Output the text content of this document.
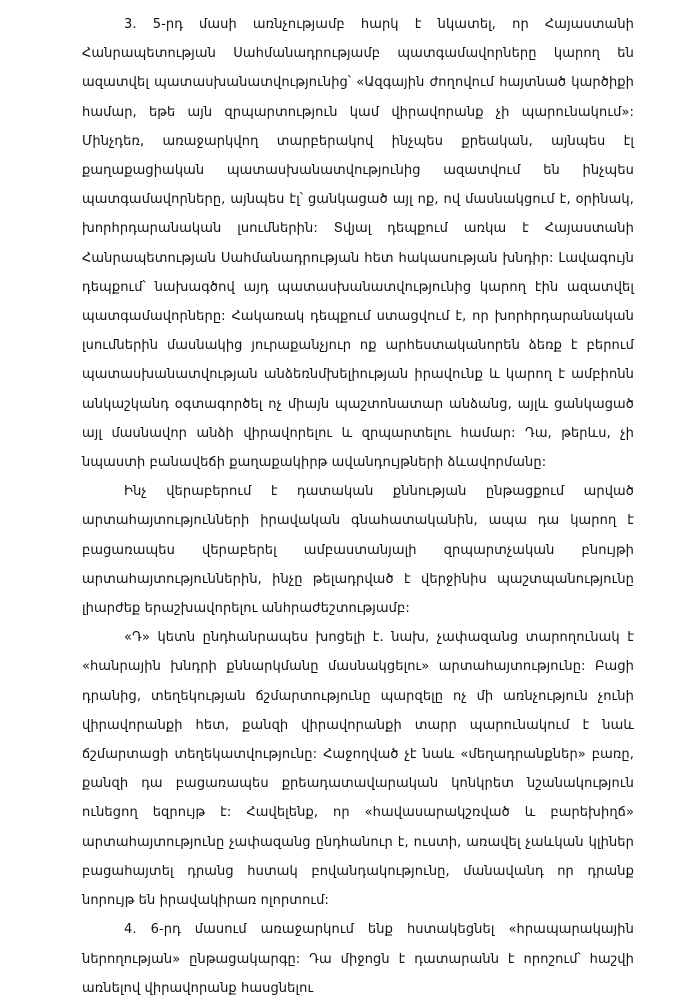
3. 5-րդ մասի առնչությամբ հարկ է նկատել, որ Հայաստանի Հանրապետության Սահմանադրությամբ պատգամավորները կարող են ազատվել պատասխանատվությունից՝ «Ազգային ժողովում հայտնած կարծիքի համար, եթե այն զրպարտություն կամ վիրավորանք չի պարունակում»: Մինչդեռ, առաջարկվող տարբերակով ինչպես քրեական, այնպես էլ քաղաքացիական պատասխանատվությունից ազատվում են ինչպես պատգամավորները, այնպես էլ՝ ցանկացած այլ ոք, ով մասնակցում է, օրինակ, խորհրդարանական լսումներին: Տվյալ դեպքում առկա է Հայաստանի Հանրապետության Սահմանադրության հետ հակասության խնդիր: Լավագույն դեպքում՝ նախագծով այդ պատասխանատվությունից կարող էին ազատվել պատգամավորները: Հակառակ դեպքում ստացվում է, որ խորհրդարանական լսումներին մասնակից յուրաքանչյուր ոք արհեստականորեն ձեռք է բերում պատասխանատվության անձեռնմխելիության իրավունք և կարող է ամբիոնն անկաշկանդ օգտագործել ոչ միայն պաշտոնատար անձանց, այլև ցանկացած այլ մասնավոր անձի վիրավորելու և զրպարտելու համար: Դա, թերևս, չի նպաստի բանավեճի քաղաքակիրթ ավանդույթների ձևավորմանը:

Ինչ վերաբերում է դատական քննության ընթացքում արված արտահայտությունների իրավական գնահատականին, ապա դա կարող է բացառապես վերաբերել ամբաստանյալի զրպարտչական բնույթի արտահայտություններին, ինչը թելադրված է վերջինիս պաշտպանությունը լիարժեք երաշխավորելու անհրաժեշտությամբ:

«Դ» կետն ընդհանրապես խոցելի է. նախ, չափազանց տարողունակ է «հանրային խնդրի քննարկմանը մասնակցելու» արտահայտությունը: Բացի դրանից, տեղեկության ճշմարտությունը պարզելը ոչ մի առնչություն չունի վիրավորանքի հետ, քանզի վիրավորանքի տարր պարունակում է նաև ճշմարտացի տեղեկատվությունը: Հաջողված չէ նաև «մեղադրանքներ» բառը, քանզի դա բացառապես քրեադատավարական կոնկրետ նշանակություն ունեցող եզրույթ է: Հավելենք, որ «հավասարակշռված և բարեխիղճ» արտահայտությունը չափազանց ընդհանուր է, ուստի, առավել չաևկան կլիներ բացահայտել դրանց հստակ բովանդակությունը, մանավանդ որ դրանք նորույթ են իրավակիրառ ոլորտում:

4. 6-րդ մասում առաջարկում ենք հստակեցնել «հրապարակային ներողության» ընթացակարգը: Դա միջոցն է դատարանն է որոշում՝ հաշվի առնելով վիրավորանք հասցնելու
